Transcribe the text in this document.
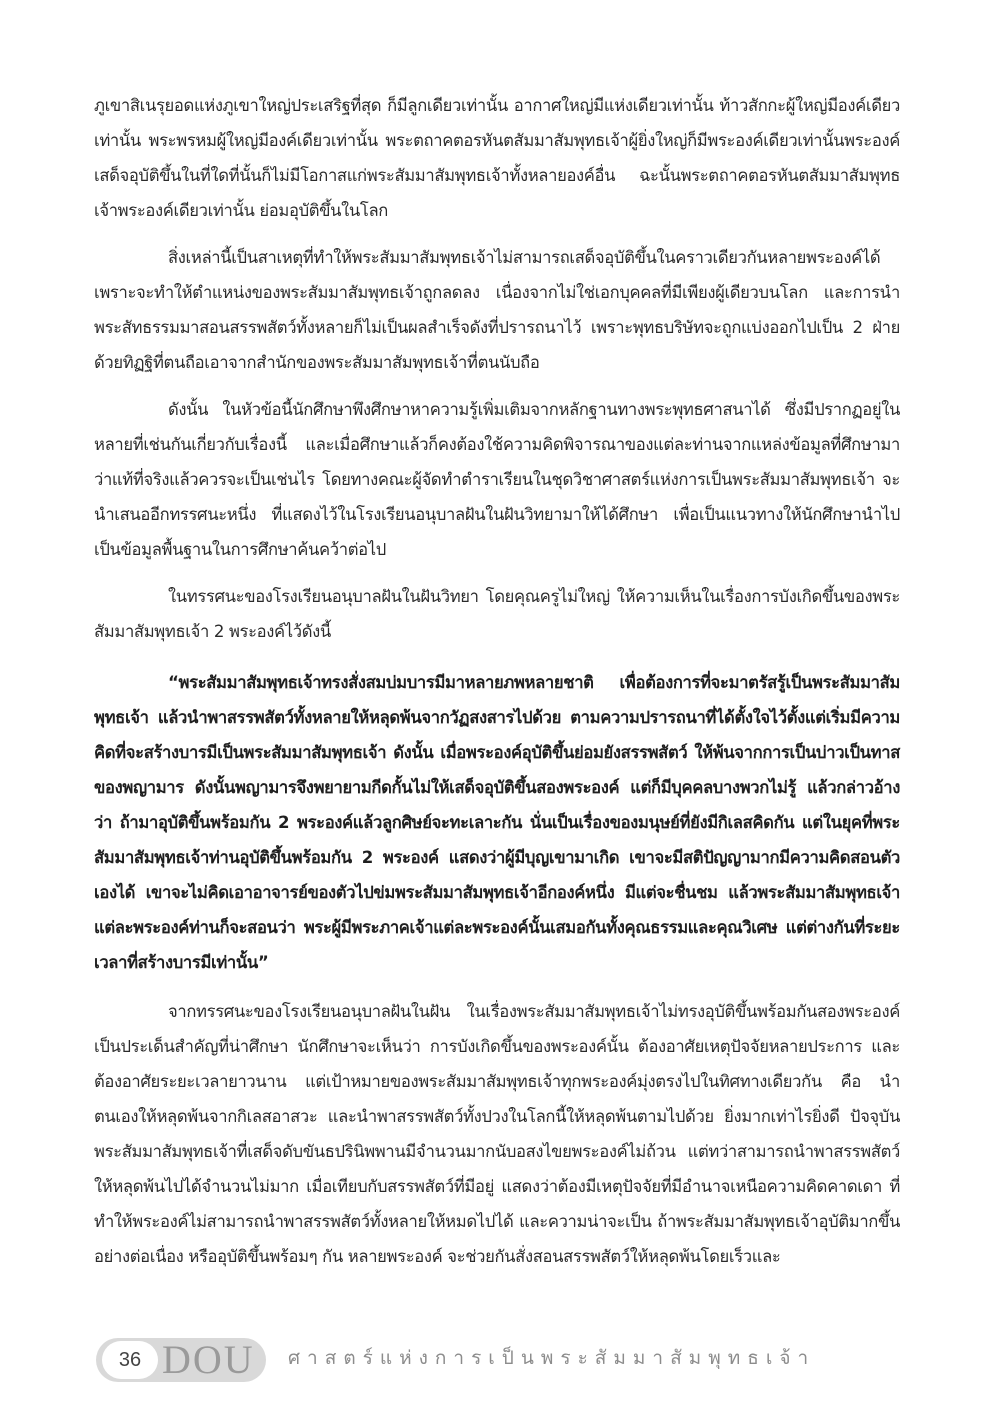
ภูเขาสิเนรุยอดแห่งภูเขาใหญ่ประเสริฐที่สุด ก็มีลูกเดียวเท่านั้น อากาศใหญ่มีแห่งเดียวเท่านั้น ท้าวสักกะผู้ใหญ่มีองค์เดียวเท่านั้น พระพรหมผู้ใหญ่มีองค์เดียวเท่านั้น พระตถาคตอรหันตสัมมาสัมพุทธเจ้าผู้ยิ่งใหญ่ก็มีพระองค์เดียวเท่านั้นพระองค์เสด็จอุบัติขึ้นในที่ใดที่นั้นก็ไม่มีโอกาสแก่พระสัมมาสัมพุทธเจ้าทั้งหลายองค์อื่น ฉะนั้นพระตถาคตอรหันตสัมมาสัมพุทธเจ้าพระองค์เดียวเท่านั้น ย่อมอุบัติขึ้นในโลก

สิ่งเหล่านี้เป็นสาเหตุที่ทำให้พระสัมมาสัมพุทธเจ้าไม่สามารถเสด็จอุบัติขึ้นในคราวเดียวกันหลายพระองค์ได้ เพราะจะทำให้ตำแหน่งของพระสัมมาสัมพุทธเจ้าถูกลดลง เนื่องจากไม่ใช่เอกบุคคลที่มีเพียงผู้เดียวบนโลก และการนำพระสัทธรรมมาสอนสรรพสัตว์ทั้งหลายก็ไม่เป็นผลสำเร็จดังที่ปรารถนาไว้ เพราะพุทธบริษัทจะถูกแบ่งออกไปเป็น 2 ฝ่ายด้วยทิฏฐิที่ตนถือเอาจากสำนักของพระสัมมาสัมพุทธเจ้าที่ตนนับถือ

ดังนั้น ในหัวข้อนี้นักศึกษาพึงศึกษาหาความรู้เพิ่มเติมจากหลักฐานทางพระพุทธศาสนาได้ ซึ่งมีปรากฏอยู่ในหลายที่เช่นกันเกี่ยวกับเรื่องนี้ และเมื่อศึกษาแล้วก็คงต้องใช้ความคิดพิจารณาของแต่ละท่านจากแหล่งข้อมูลที่ศึกษามาว่าแท้ที่จริงแล้วควรจะเป็นเช่นไร โดยทางคณะผู้จัดทำตำราเรียนในชุดวิชาศาสตร์แห่งการเป็นพระสัมมาสัมพุทธเจ้า จะนำเสนออีกทรรศนะหนึ่ง ที่แสดงไว้ในโรงเรียนอนุบาลฝันในฝันวิทยามาให้ได้ศึกษา เพื่อเป็นแนวทางให้นักศึกษานำไปเป็นข้อมูลพื้นฐานในการศึกษาค้นคว้าต่อไป

ในทรรศนะของโรงเรียนอนุบาลฝันในฝันวิทยา โดยคุณครูไม่ใหญ่ ให้ความเห็นในเรื่องการบังเกิดขึ้นของพระสัมมาสัมพุทธเจ้า 2 พระองค์ไว้ดังนี้

“พระสัมมาสัมพุทธเจ้าทรงสั่งสมบ่มบารมีมาหลายภพหลายชาติ เพื่อต้องการที่จะมาตรัสรู้เป็นพระสัมมาสัมพุทธเจ้า แล้วนำพาสรรพสัตว์ทั้งหลายให้หลุดพ้นจากวัฏสงสารไปด้วย ตามความปรารถนาที่ได้ตั้งใจไว้ตั้งแต่เริ่มมีความคิดที่จะสร้างบารมีเป็นพระสัมมาสัมพุทธเจ้า ดังนั้น เมื่อพระองค์อุบัติขึ้นย่อมยังสรรพสัตว์ ให้พ้นจากการเป็นบ่าวเป็นทาสของพญามาร ดังนั้นพญามารจึงพยายามกีดกั้นไม่ให้เสด็จอุบัติขึ้นสองพระองค์ แต่ก็มีบุคคลบางพวกไม่รู้ แล้วกล่าวอ้างว่า ถ้ามาอุบัติขึ้นพร้อมกัน 2 พระองค์แล้วลูกศิษย์จะทะเลาะกัน นั่นเป็นเรื่องของมนุษย์ที่ยังมีกิเลสคิดกัน แต่ในยุคที่พระสัมมาสัมพุทธเจ้าท่านอุบัติขึ้นพร้อมกัน 2 พระองค์ แสดงว่าผู้มีบุญเขามาเกิด เขาจะมีสติปัญญามากมีความคิดสอนตัวเองได้ เขาจะไม่คิดเอาอาจารย์ของตัวไปข่มพระสัมมาสัมพุทธเจ้าอีกองค์หนึ่ง มีแต่จะชื่นชม แล้วพระสัมมาสัมพุทธเจ้าแต่ละพระองค์ท่านก็จะสอนว่า พระผู้มีพระภาคเจ้าแต่ละพระองค์นั้นเสมอกันทั้งคุณธรรมและคุณวิเศษ แต่ต่างกันที่ระยะเวลาที่สร้างบารมีเท่านั้น”

จากทรรศนะของโรงเรียนอนุบาลฝันในฝัน ในเรื่องพระสัมมาสัมพุทธเจ้าไม่ทรงอุบัติขึ้นพร้อมกันสองพระองค์ เป็นประเด็นสำคัญที่น่าศึกษา นักศึกษาจะเห็นว่า การบังเกิดขึ้นของพระองค์นั้น ต้องอาศัยเหตุปัจจัยหลายประการ และต้องอาศัยระยะเวลายาวนาน แต่เป้าหมายของพระสัมมาสัมพุทธเจ้าทุกพระองค์มุ่งตรงไปในทิศทางเดียวกัน คือ นำตนเองให้หลุดพ้นจากกิเลสอาสวะ และนำพาสรรพสัตว์ทั้งปวงในโลกนี้ให้หลุดพ้นตามไปด้วย ยิ่งมากเท่าไรยิ่งดี ปัจจุบันพระสัมมาสัมพุทธเจ้าที่เสด็จดับขันธปรินิพพานมีจำนวนมากนับอสงไขยพระองค์ไม่ถ้วน แต่ทว่าสามารถนำพาสรรพสัตว์ให้หลุดพ้นไปได้จำนวนไม่มาก เมื่อเทียบกับสรรพสัตว์ที่มีอยู่ แสดงว่าต้องมีเหตุปัจจัยที่มีอำนาจเหนือความคิดคาดเดา ที่ทำให้พระองค์ไม่สามารถนำพาสรรพสัตว์ทั้งหลายให้หมดไปได้ และความน่าจะเป็น ถ้าพระสัมมาสัมพุทธเจ้าอุบัติมากขึ้นอย่างต่อเนื่อง หรืออุบัติขึ้นพร้อมๆ กัน หลายพระองค์ จะช่วยกันสั่งสอนสรรพสัตว์ให้หลุดพ้นโดยเร็วและ

36 DOU ศาสตร์แห่งการเป็นพระสัมมาสัมพุทธเจ้า
